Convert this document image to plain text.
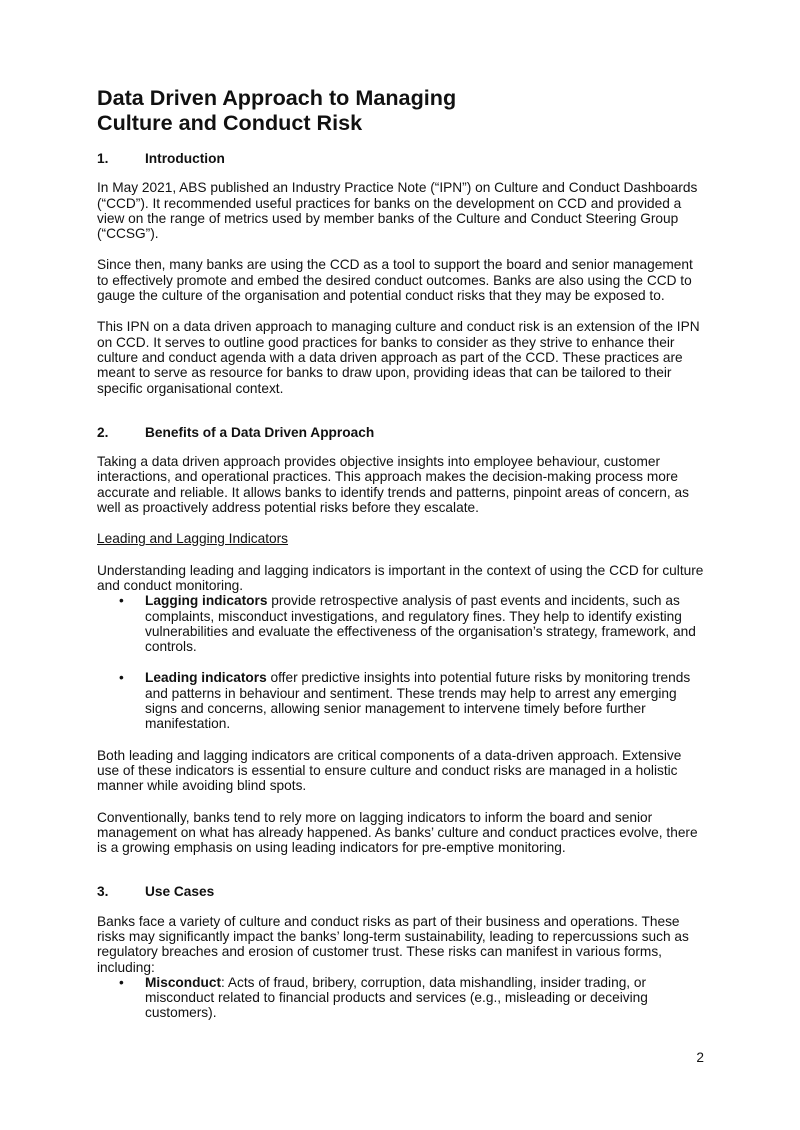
Data Driven Approach to Managing
Culture and Conduct Risk
1.	Introduction

In May 2021, ABS published an Industry Practice Note (“IPN”) on Culture and Conduct Dashboards (“CCD”). It recommended useful practices for banks on the development on CCD and provided a view on the range of metrics used by member banks of the Culture and Conduct Steering Group (“CCSG”).

Since then, many banks are using the CCD as a tool to support the board and senior management to effectively promote and embed the desired conduct outcomes. Banks are also using the CCD to gauge the culture of the organisation and potential conduct risks that they may be exposed to.

This IPN on a data driven approach to managing culture and conduct risk is an extension of the IPN on CCD. It serves to outline good practices for banks to consider as they strive to enhance their culture and conduct agenda with a data driven approach as part of the CCD. These practices are meant to serve as resource for banks to draw upon, providing ideas that can be tailored to their specific organisational context.

2.	Benefits of a Data Driven Approach

Taking a data driven approach provides objective insights into employee behaviour, customer interactions, and operational practices. This approach makes the decision-making process more accurate and reliable. It allows banks to identify trends and patterns, pinpoint areas of concern, as well as proactively address potential risks before they escalate.

Leading and Lagging Indicators

Understanding leading and lagging indicators is important in the context of using the CCD for culture and conduct monitoring.

• Lagging indicators provide retrospective analysis of past events and incidents, such as complaints, misconduct investigations, and regulatory fines. They help to identify existing vulnerabilities and evaluate the effectiveness of the organisation’s strategy, framework, and controls.
• Leading indicators offer predictive insights into potential future risks by monitoring trends and patterns in behaviour and sentiment. These trends may help to arrest any emerging signs and concerns, allowing senior management to intervene timely before further manifestation.

Both leading and lagging indicators are critical components of a data-driven approach. Extensive use of these indicators is essential to ensure culture and conduct risks are managed in a holistic manner while avoiding blind spots.

Conventionally, banks tend to rely more on lagging indicators to inform the board and senior management on what has already happened. As banks’ culture and conduct practices evolve, there is a growing emphasis on using leading indicators for pre-emptive monitoring.

3.	Use Cases

Banks face a variety of culture and conduct risks as part of their business and operations. These risks may significantly impact the banks’ long-term sustainability, leading to repercussions such as regulatory breaches and erosion of customer trust. These risks can manifest in various forms, including:

• Misconduct: Acts of fraud, bribery, corruption, data mishandling, insider trading, or misconduct related to financial products and services (e.g., misleading or deceiving customers).
2
